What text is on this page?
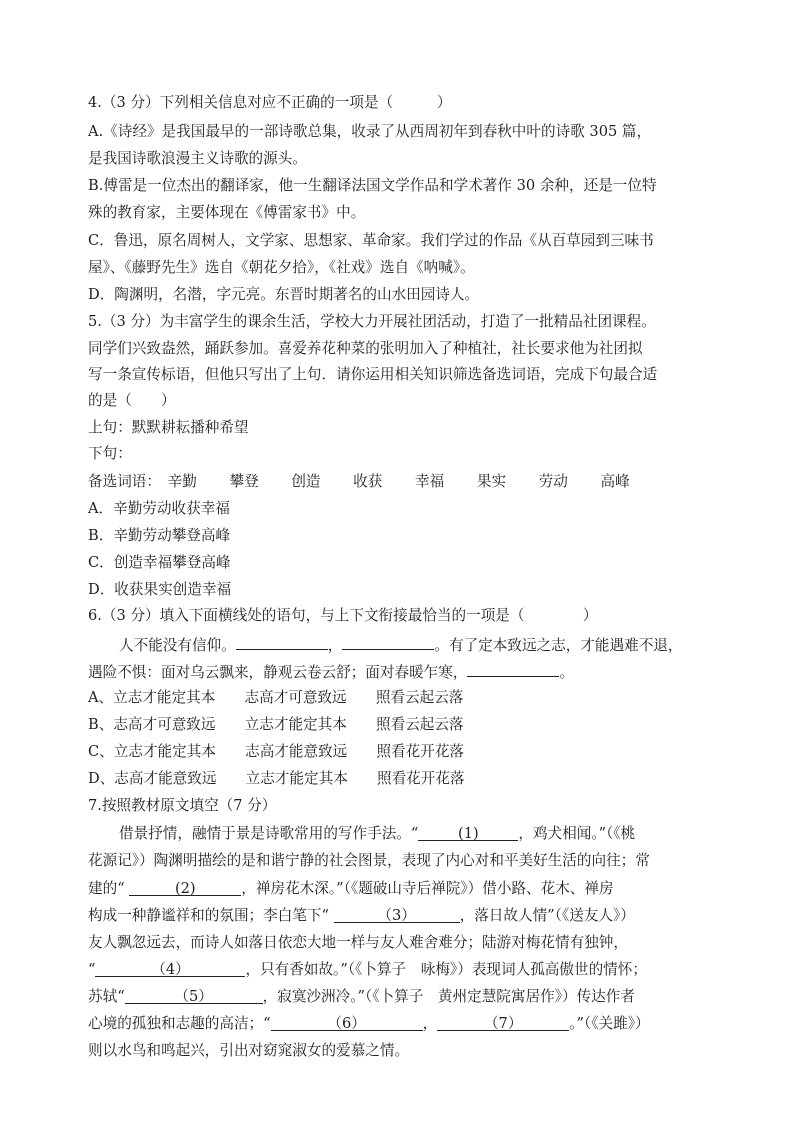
4.（3 分）下列相关信息对应不正确的一项是（　　　）
A.《诗经》是我国最早的一部诗歌总集，收录了从西周初年到春秋中叶的诗歌 305 篇，
是我国诗歌浪漫主义诗歌的源头。
B.傅雷是一位杰出的翻译家，他一生翻译法国文学作品和学术著作 30 余种，还是一位特
殊的教育家，主要体现在《傅雷家书》中。
C．鲁迅，原名周树人，文学家、思想家、革命家。我们学过的作品《从百草园到三味书
屋》、《藤野先生》选自《朝花夕拾》，《社戏》选自《呐喊》。
D．陶渊明，名潜，字元亮。东晋时期著名的山水田园诗人。
5.（3 分）为丰富学生的课余生活，学校大力开展社团活动，打造了一批精品社团课程。
同学们兴致盎然，踊跃参加。喜爱养花种菜的张明加入了种植社，社长要求他为社团拟
写一条宣传标语，但他只写出了上句．请你运用相关知识筛选备选词语，完成下句最合适
的是（　　）
上句：默默耕耘播种希望
下句：
备选词语： 辛勤 攀登 创造 收获 幸福 果实 劳动 高峰
A．辛勤劳动收获幸福
B．辛勤劳动攀登高峰
C．创造幸福攀登高峰
D．收获果实创造幸福
6.（3 分）填入下面横线处的语句，与上下文衔接最恰当的一项是（　　　　）
人不能没有信仰。	，	。有了定本致远之志，才能遇难不退，
遇险不惧：面对乌云飘来，静观云卷云舒；面对春暖乍寒，	。
A、立志才能定其本　　志高才可意致远　　照看云起云落
B、志高才可意致远　　立志才能定其本　　照看云起云落
C、立志才能定其本　　志高才能意致远　　照看花开花落
D、志高才能意致远　　立志才能定其本　　照看花开花落
7.按照教材原文填空（7 分）
借景抒情，融情于景是诗歌常用的写作手法。“	(1)	，鸡犬相闻。”（《桃
花源记》）陶渊明描绘的是和谐宁静的社会图景，表现了内心对和平美好生活的向往；常
建的“	(2)	，禅房花木深。”（《题破山寺后禅院》）借小路、花木、禅房
构成一种静谧祥和的氛围；李白笔下“	（3）	，落日故人情”（《送友人》）
友人飘忽远去，而诗人如落日依恋大地一样与友人难舍难分；陆游对梅花情有独钟，
“	（4）	，只有香如故。”（《卜算子　咏梅》）表现词人孤高傲世的情怀；
苏轼“	（5）	，寂寞沙洲冷。”（《卜算子　黄州定慧院寓居作》）传达作者
心境的孤独和志趣的高洁；“	（6）	，	（7）	。”（《关雎》）
则以水鸟和鸣起兴，引出对窈窕淑女的爱慕之情。
